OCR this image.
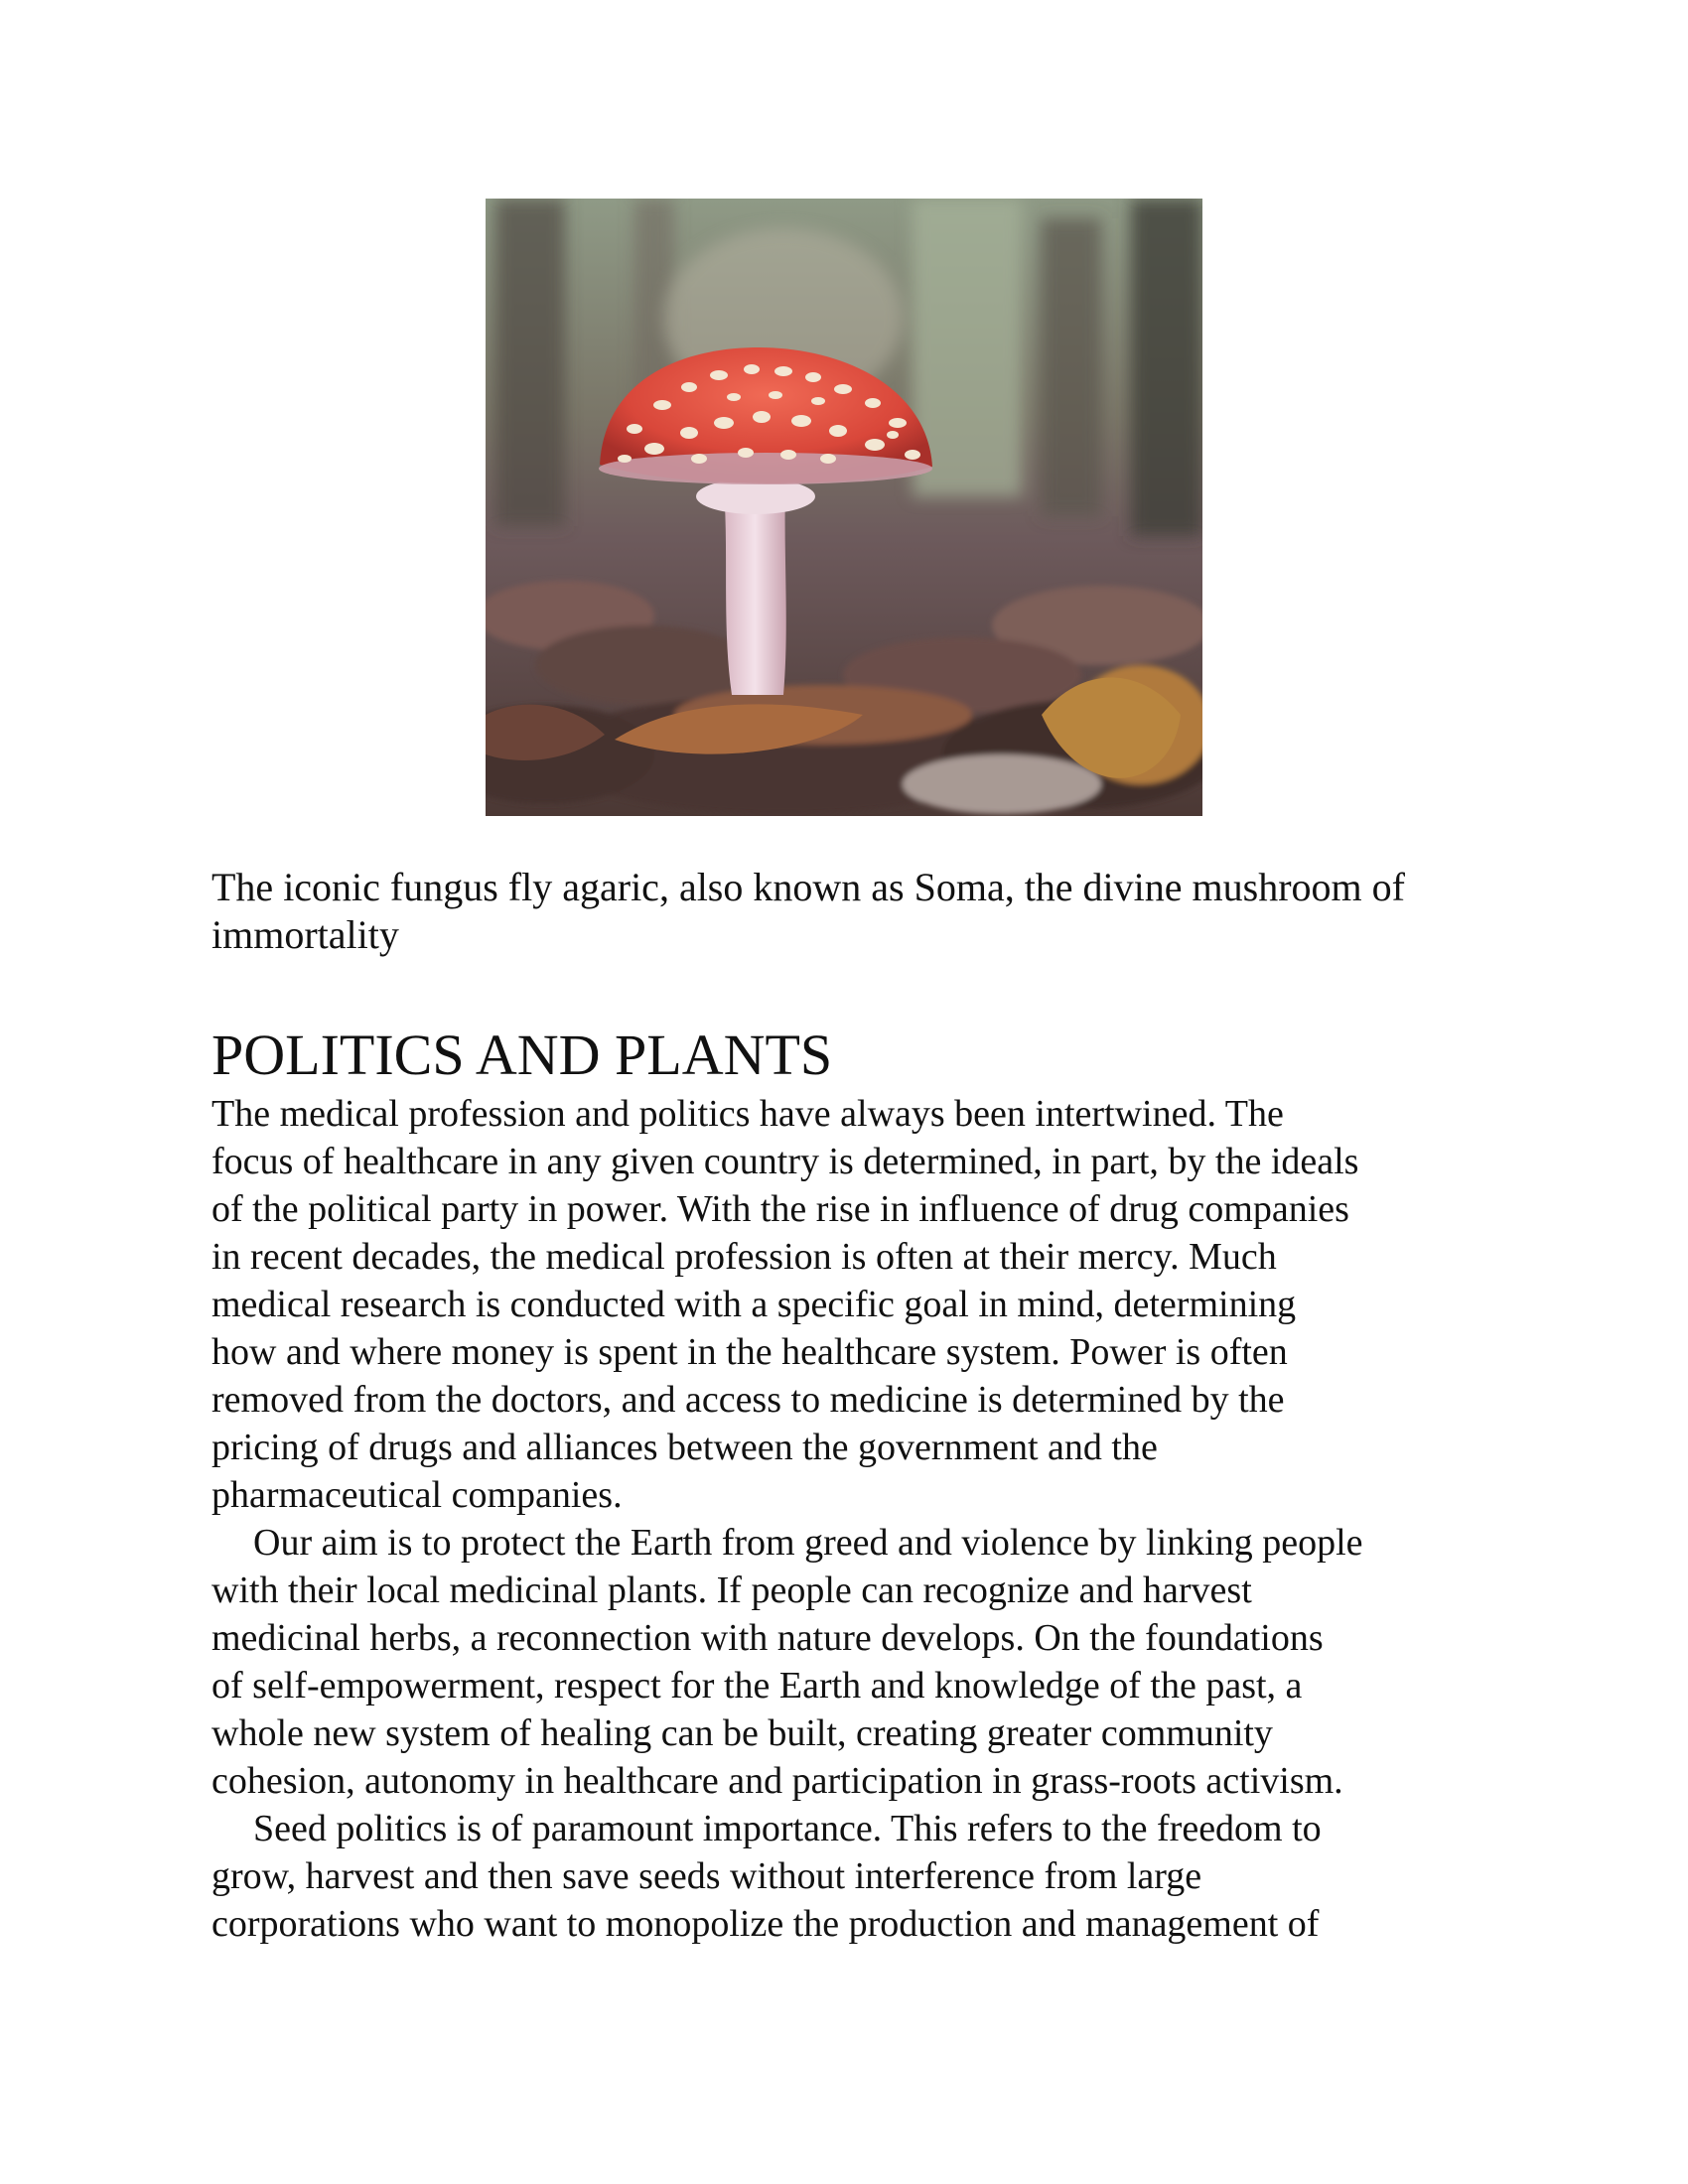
The iconic fungus fly agaric, also known as Soma, the divine mushroom of
immortality
POLITICS AND PLANTS

The medical profession and politics have always been intertwined. The
focus of healthcare in any given country is determined, in part, by the ideals
of the political party in power. With the rise in influence of drug companies
in recent decades, the medical profession is often at their mercy. Much
medical research is conducted with a specific goal in mind, determining
how and where money is spent in the healthcare system. Power is often
removed from the doctors, and access to medicine is determined by the
pricing of drugs and alliances between the government and the
pharmaceutical companies.

Our aim is to protect the Earth from greed and violence by linking people
with their local medicinal plants. If people can recognize and harvest
medicinal herbs, a reconnection with nature develops. On the foundations
of self-empowerment, respect for the Earth and knowledge of the past, a
whole new system of healing can be built, creating greater community
cohesion, autonomy in healthcare and participation in grass-roots activism.

Seed politics is of paramount importance. This refers to the freedom to
grow, harvest and then save seeds without interference from large
corporations who want to monopolize the production and management of
